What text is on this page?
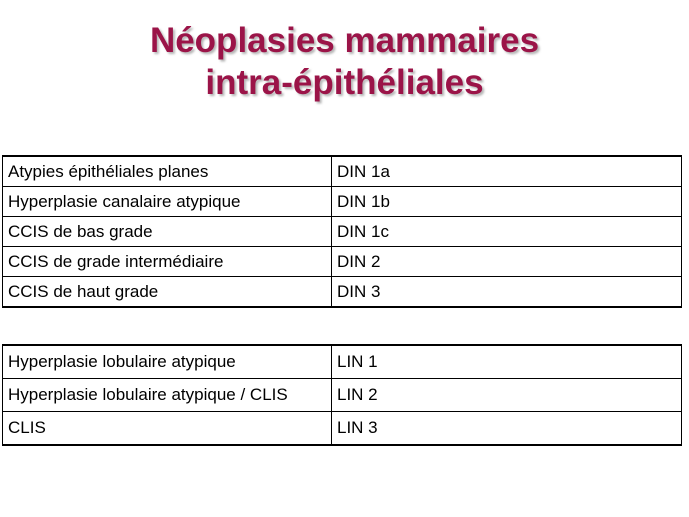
Néoplasies mammaires
intra-épithéliales
Atypies épithéliales planes	DIN 1a
Hyperplasie canalaire atypique	DIN 1b
CCIS de bas grade	DIN 1c
CCIS de grade intermédiaire	DIN 2
CCIS de haut grade	DIN 3
Hyperplasie lobulaire atypique	LIN 1
Hyperplasie lobulaire atypique / CLIS	LIN 2
CLIS	LIN 3
